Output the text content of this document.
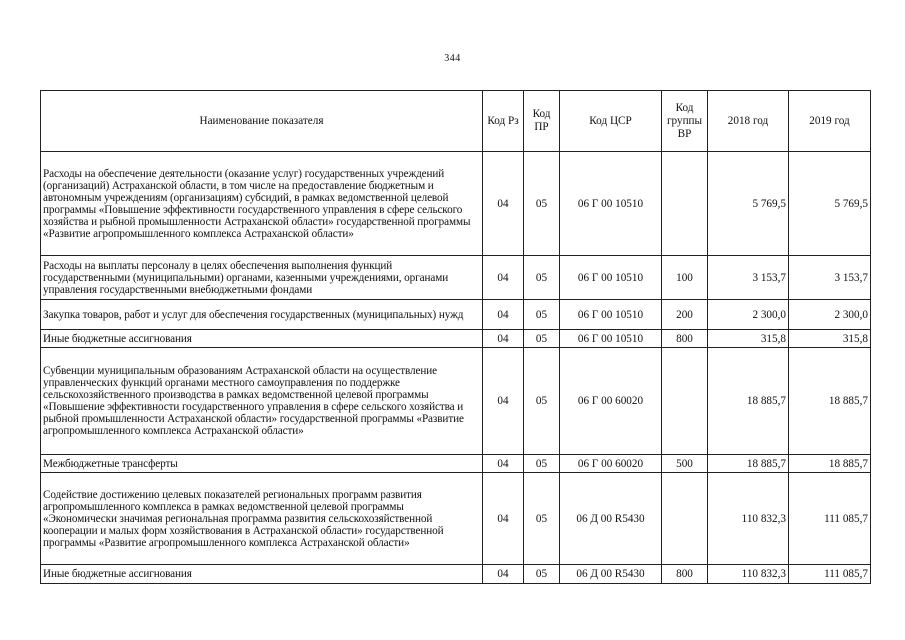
344
Наименование показателя	Код Рз	Код ПР	Код ЦСР	Код группы ВР	2018 год	2019 год
Расходы на обеспечение деятельности (оказание услуг) государственных учреждений (организаций) Астраханской области, в том числе на предоставление бюджетным и автономным учреждениям (организациям) субсидий, в рамках ведомственной целевой программы «Повышение эффективности государственного управления в сфере сельского хозяйства и рыбной промышленности Астраханской области» государственной программы «Развитие агропромышленного комплекса Астраханской области»	04	05	06 Г 00 10510		5 769,5	5 769,5
Расходы на выплаты персоналу в целях обеспечения выполнения функций государственными (муниципальными) органами, казенными учреждениями, органами управления государственными внебюджетными фондами	04	05	06 Г 00 10510	100	3 153,7	3 153,7
Закупка товаров, работ и услуг для обеспечения государственных (муниципальных) нужд	04	05	06 Г 00 10510	200	2 300,0	2 300,0
Иные бюджетные ассигнования	04	05	06 Г 00 10510	800	315,8	315,8
Субвенции муниципальным образованиям Астраханской области на осуществление управленческих функций органами местного самоуправления по поддержке сельскохозяйственного производства в рамках ведомственной целевой программы «Повышение эффективности государственного управления в сфере сельского хозяйства и рыбной промышленности Астраханской области» государственной программы «Развитие агропромышленного комплекса Астраханской области»	04	05	06 Г 00 60020		18 885,7	18 885,7
Межбюджетные трансферты	04	05	06 Г 00 60020	500	18 885,7	18 885,7
Содействие достижению целевых показателей региональных программ развития агропромышленного комплекса в рамках ведомственной целевой программы «Экономически значимая региональная программа развития сельскохозяйственной кооперации и малых форм хозяйствования в Астраханской области» государственной программы «Развитие агропромышленного комплекса Астраханской области»	04	05	06 Д 00 R5430		110 832,3	111 085,7
Иные бюджетные ассигнования	04	05	06 Д 00 R5430	800	110 832,3	111 085,7
